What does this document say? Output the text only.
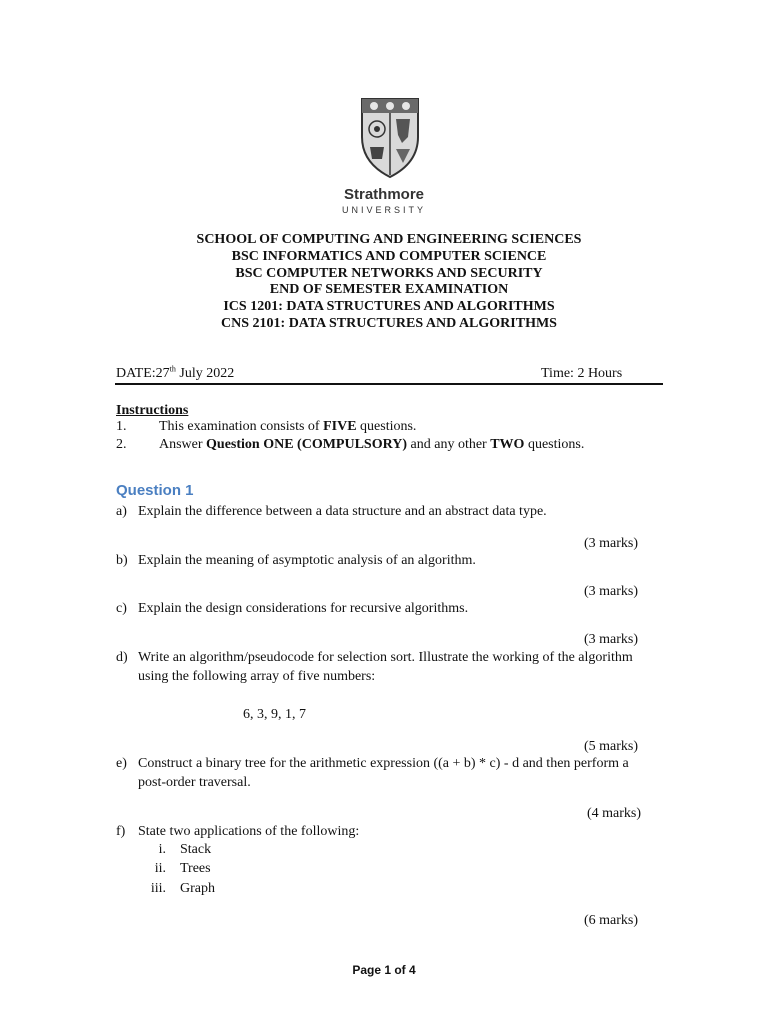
Strathmore
UNIVERSITY
SCHOOL OF COMPUTING AND ENGINEERING SCIENCES
BSC INFORMATICS AND COMPUTER SCIENCE
BSC COMPUTER NETWORKS AND SECURITY
END OF SEMESTER EXAMINATION
ICS 1201: DATA STRUCTURES AND ALGORITHMS
CNS 2101: DATA STRUCTURES AND ALGORITHMS
DATE:27th July 2022	Time: 2 Hours
Instructions
1. This examination consists of FIVE questions.
2. Answer Question ONE (COMPULSORY) and any other TWO questions.
Question 1
a) Explain the difference between a data structure and an abstract data type.
(3 marks)
b) Explain the meaning of asymptotic analysis of an algorithm.
(3 marks)
c) Explain the design considerations for recursive algorithms.
(3 marks)
d) Write an algorithm/pseudocode for selection sort. Illustrate the working of the algorithm
using the following array of five numbers:
6, 3, 9, 1, 7
(5 marks)
e) Construct a binary tree for the arithmetic expression ((a + b) * c) - d and then perform a
post-order traversal.
(4 marks)
f) State two applications of the following:
i. Stack
ii. Trees
iii. Graph
(6 marks)
Page 1 of 4
